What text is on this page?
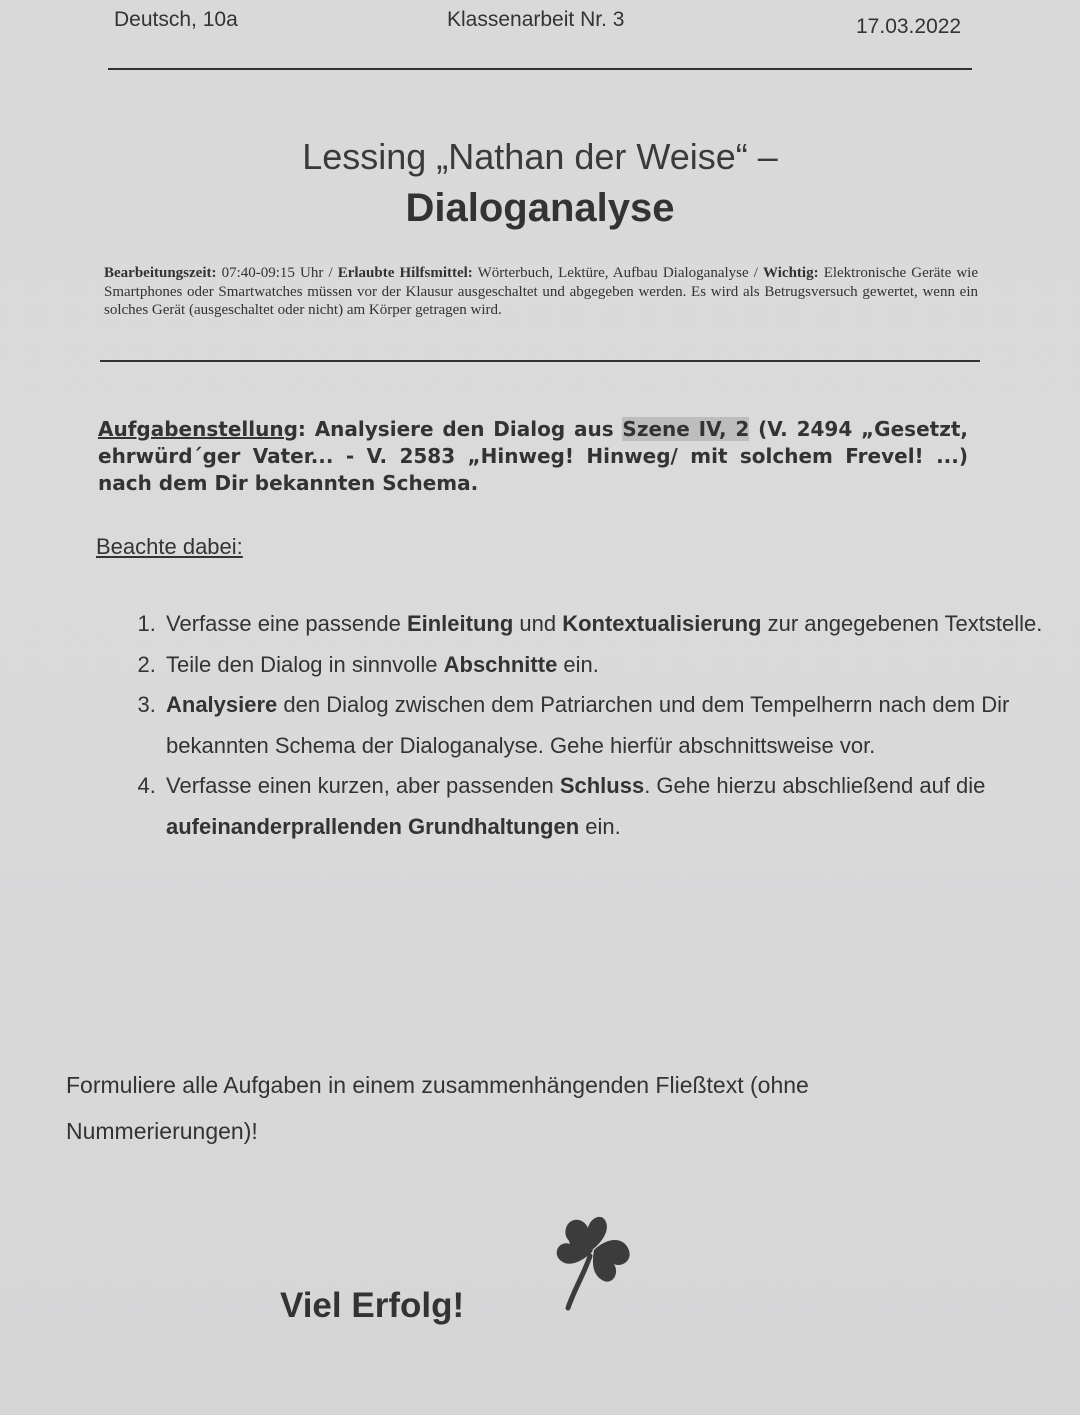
Deutsch, 10a	Klassenarbeit Nr. 3	17.03.2022
Lessing „Nathan der Weise“ –
Dialoganalyse
Bearbeitungszeit: 07:40-09:15 Uhr / Erlaubte Hilfsmittel: Wörterbuch, Lektüre, Aufbau Dialoganalyse / Wichtig: Elektronische Geräte wie Smartphones oder Smartwatches müssen vor der Klausur ausgeschaltet und abgegeben werden. Es wird als Betrugsversuch gewertet, wenn ein solches Gerät (ausgeschaltet oder nicht) am Körper getragen wird.
Aufgabenstellung: Analysiere den Dialog aus Szene IV, 2 (V. 2494 „Gesetzt, ehrwürd´ger Vater... - V. 2583 „Hinweg! Hinweg/ mit solchem Frevel! ...) nach dem Dir bekannten Schema.
Beachte dabei:
1. Verfasse eine passende Einleitung und Kontextualisierung zur angegebenen Textstelle.
2. Teile den Dialog in sinnvolle Abschnitte ein.
3. Analysiere den Dialog zwischen dem Patriarchen und dem Tempelherrn nach dem Dir bekannten Schema der Dialoganalyse. Gehe hierfür abschnittsweise vor.
4. Verfasse einen kurzen, aber passenden Schluss. Gehe hierzu abschließend auf die aufeinanderprallenden Grundhaltungen ein.
Formuliere alle Aufgaben in einem zusammenhängenden Fließtext (ohne Nummerierungen)!
Viel Erfolg!
